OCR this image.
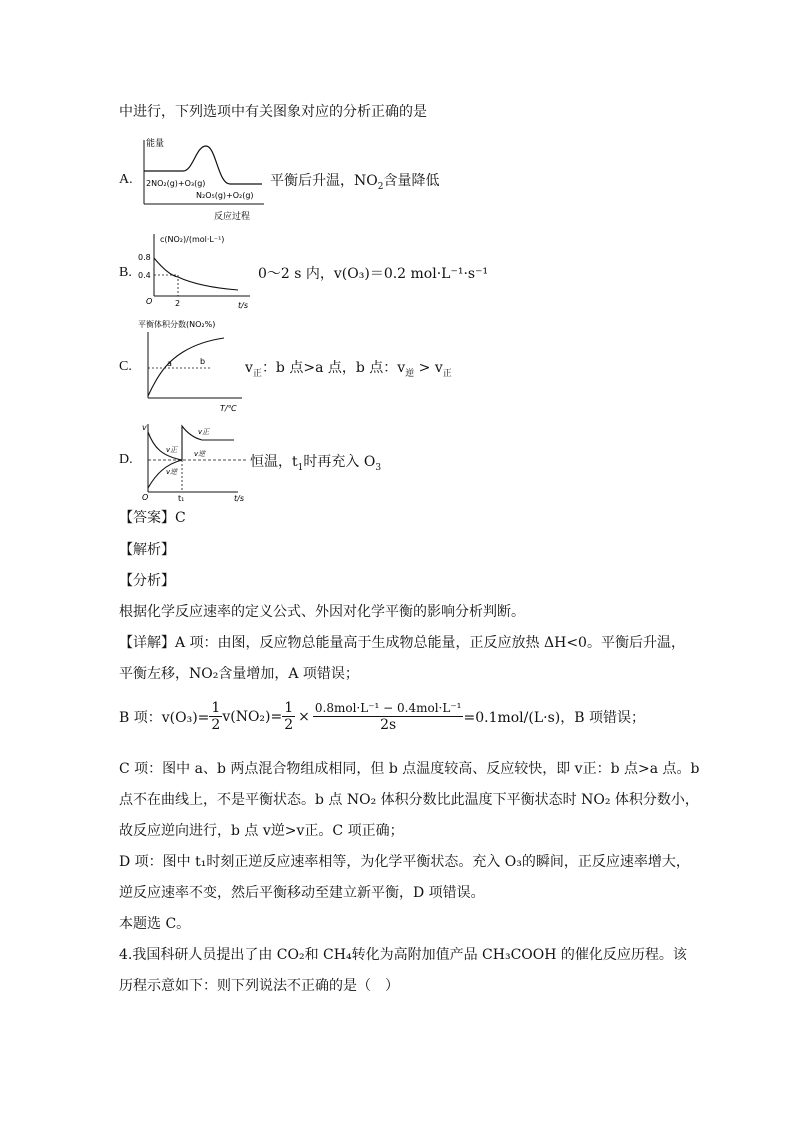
中进行，下列选项中有关图象对应的分析正确的是
A.
能量
2NO₂(g)+O₃(g)
N₂O₅(g)+O₂(g)
反应过程
平衡后升温，$NO_2$含量降低
B.
c(NO₂)/(mol·L⁻¹)
0.8
0.4
O	2	t/s
0～2 s 内，v(O₃)＝0.2 mol·L⁻¹·s⁻¹
C.
平衡体积分数(NO₂%)
a	b
T/℃
$v_正$：b 点>a 点，b 点：$v_逆 > v_正$
D.
v
v正
v逆
v正
v逆
O	t₁	t/s
恒温，$t_1$时再充入 $O_3$
【答案】C
【解析】
【分析】
根据化学反应速率的定义公式、外因对化学平衡的影响分析判断。
【详解】A 项：由图，反应物总能量高于生成物总能量，正反应放热 ΔH<0。平衡后升温，
平衡左移，NO₂含量增加，A 项错误；
B 项：$v(O_3)= \frac{1}{2} v(NO_2)= \frac{1}{2} \times \frac{\text{0.8mol·L⁻¹ − 0.4mol·L⁻¹}}{2s} =0.1mol/(L\cdot s)$，B 项错误；
C 项：图中 a、b 两点混合物组成相同，但 b 点温度较高、反应较快，即 v正：b 点>a 点。b
点不在曲线上，不是平衡状态。b 点 NO₂ 体积分数比此温度下平衡状态时 NO₂ 体积分数小，
故反应逆向进行，b 点 v逆>v正。C 项正确；
D 项：图中 t₁时刻正逆反应速率相等，为化学平衡状态。充入 O₃的瞬间，正反应速率增大，
逆反应速率不变，然后平衡移动至建立新平衡，D 项错误。
本题选 C。
4.我国科研人员提出了由 CO₂和 CH₄转化为高附加值产品 CH₃COOH 的催化反应历程。该
历程示意如下：则下列说法不正确的是（　）
